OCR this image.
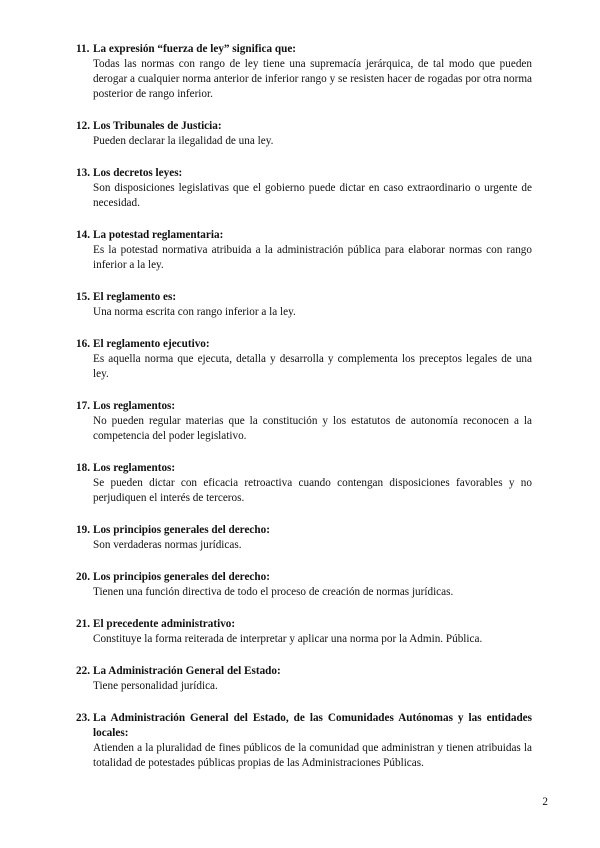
11. La expresión “fuerza de ley” significa que:
Todas las normas con rango de ley tiene una supremacía jerárquica, de tal modo que pueden derogar a cualquier norma anterior de inferior rango y se resisten hacer de rogadas por otra norma posterior de rango inferior.
12. Los Tribunales de Justicia:
Pueden declarar la ilegalidad de una ley.
13. Los decretos leyes:
Son disposiciones legislativas que el gobierno puede dictar en caso extraordinario o urgente de necesidad.
14. La potestad reglamentaria:
Es la potestad normativa atribuida a la administración pública para elaborar normas con rango inferior a la ley.
15. El reglamento es:
Una norma escrita con rango inferior a la ley.
16. El reglamento ejecutivo:
Es aquella norma que ejecuta, detalla y desarrolla y complementa los preceptos legales de una ley.
17. Los reglamentos:
No pueden regular materias que la constitución y los estatutos de autonomía reconocen a la competencia del poder legislativo.
18. Los reglamentos:
Se pueden dictar con eficacia retroactiva cuando contengan disposiciones favorables y no perjudiquen el interés de terceros.
19. Los principios generales del derecho:
Son verdaderas normas jurídicas.
20. Los principios generales del derecho:
Tienen una función directiva de todo el proceso de creación de normas jurídicas.
21. El precedente administrativo:
Constituye la forma reiterada de interpretar y aplicar una norma por la Admin. Pública.
22. La Administración General del Estado:
Tiene personalidad jurídica.
23. La Administración General del Estado, de las Comunidades Autónomas y las entidades locales:
Atienden a la pluralidad de fines públicos de la comunidad que administran y tienen atribuidas la totalidad de potestades públicas propias de las Administraciones Públicas.
2
